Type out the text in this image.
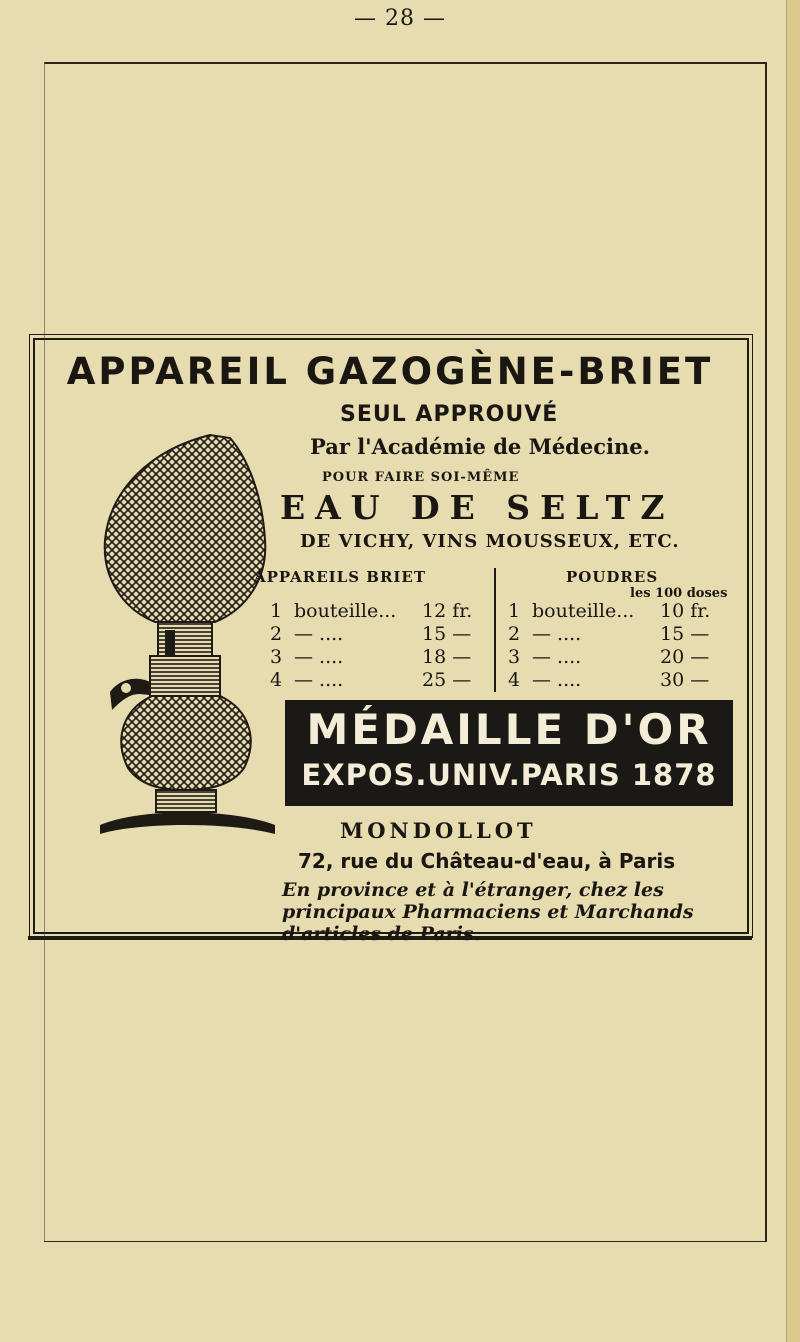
— 28 —
APPAREIL GAZOGÈNE-BRIET
SEUL APPROUVÉ
Par l'Académie de Médecine.
POUR FAIRE SOI-MÊME
EAU DE SELTZ
DE VICHY, VINS MOUSSEUX, ETC.
APPAREILS BRIET	POUDRES
les 100 doses
1 bouteille... 12 fr.
2 — ....	15 —
3 — ....	18 —
4 — ....	25 —
1 bouteille... 10 fr.
2 — ....	15 —
3 — ....	20 —
4 — ....	30 —
MÉDAILLE D'OR
EXPOS.UNIV.PARIS 1878
MONDOLLOT
72, rue du Château-d'eau, à Paris
En province et à l'étranger, chez les principaux Pharmaciens et Marchands d'articles de Paris.
